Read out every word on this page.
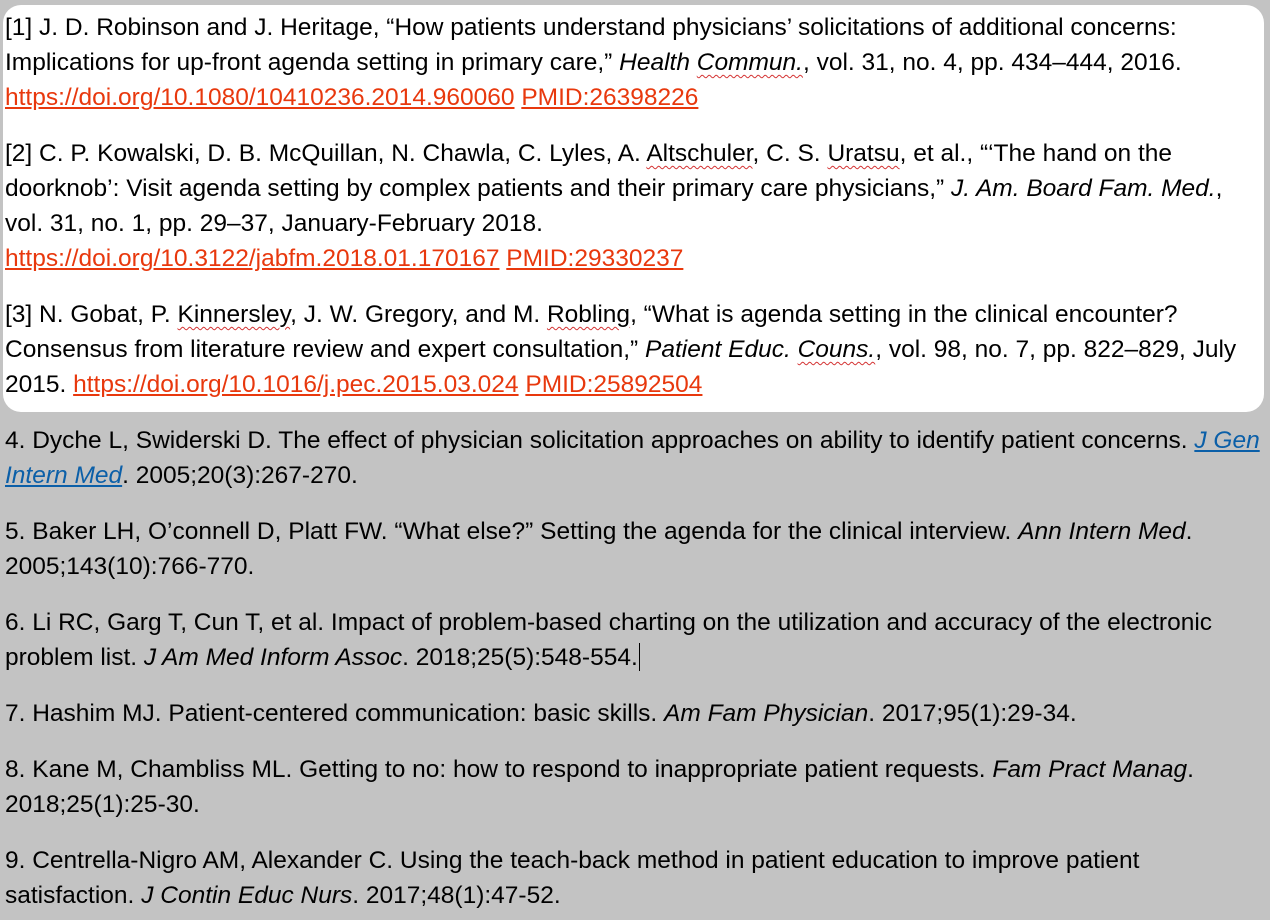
[1] J. D. Robinson and J. Heritage, “How patients understand physicians’ solicitations of additional concerns: Implications for up-front agenda setting in primary care,” Health Commun., vol. 31, no. 4, pp. 434–444, 2016. https://doi.org/10.1080/10410236.2014.960060 PMID:26398226

[2] C. P. Kowalski, D. B. McQuillan, N. Chawla, C. Lyles, A. Altschuler, C. S. Uratsu, et al., “‘The hand on the doorknob’: Visit agenda setting by complex patients and their primary care physicians,” J. Am. Board Fam. Med., vol. 31, no. 1, pp. 29–37, January-February 2018.
https://doi.org/10.3122/jabfm.2018.01.170167 PMID:29330237

[3] N. Gobat, P. Kinnersley, J. W. Gregory, and M. Robling, “What is agenda setting in the clinical encounter? Consensus from literature review and expert consultation,” Patient Educ. Couns., vol. 98, no. 7, pp. 822–829, July 2015. https://doi.org/10.1016/j.pec.2015.03.024 PMID:25892504

4. Dyche L, Swiderski D. The effect of physician solicitation approaches on ability to identify patient concerns. J Gen Intern Med. 2005;20(3):267-270.

5. Baker LH, O’connell D, Platt FW. “What else?” Setting the agenda for the clinical interview. Ann Intern Med. 2005;143(10):766-770.

6. Li RC, Garg T, Cun T, et al. Impact of problem-based charting on the utilization and accuracy of the electronic problem list. J Am Med Inform Assoc. 2018;25(5):548-554.

7. Hashim MJ. Patient-centered communication: basic skills. Am Fam Physician. 2017;95(1):29-34.

8. Kane M, Chambliss ML. Getting to no: how to respond to inappropriate patient requests. Fam Pract Manag. 2018;25(1):25-30.

9. Centrella-Nigro AM, Alexander C. Using the teach-back method in patient education to improve patient satisfaction. J Contin Educ Nurs. 2017;48(1):47-52.
